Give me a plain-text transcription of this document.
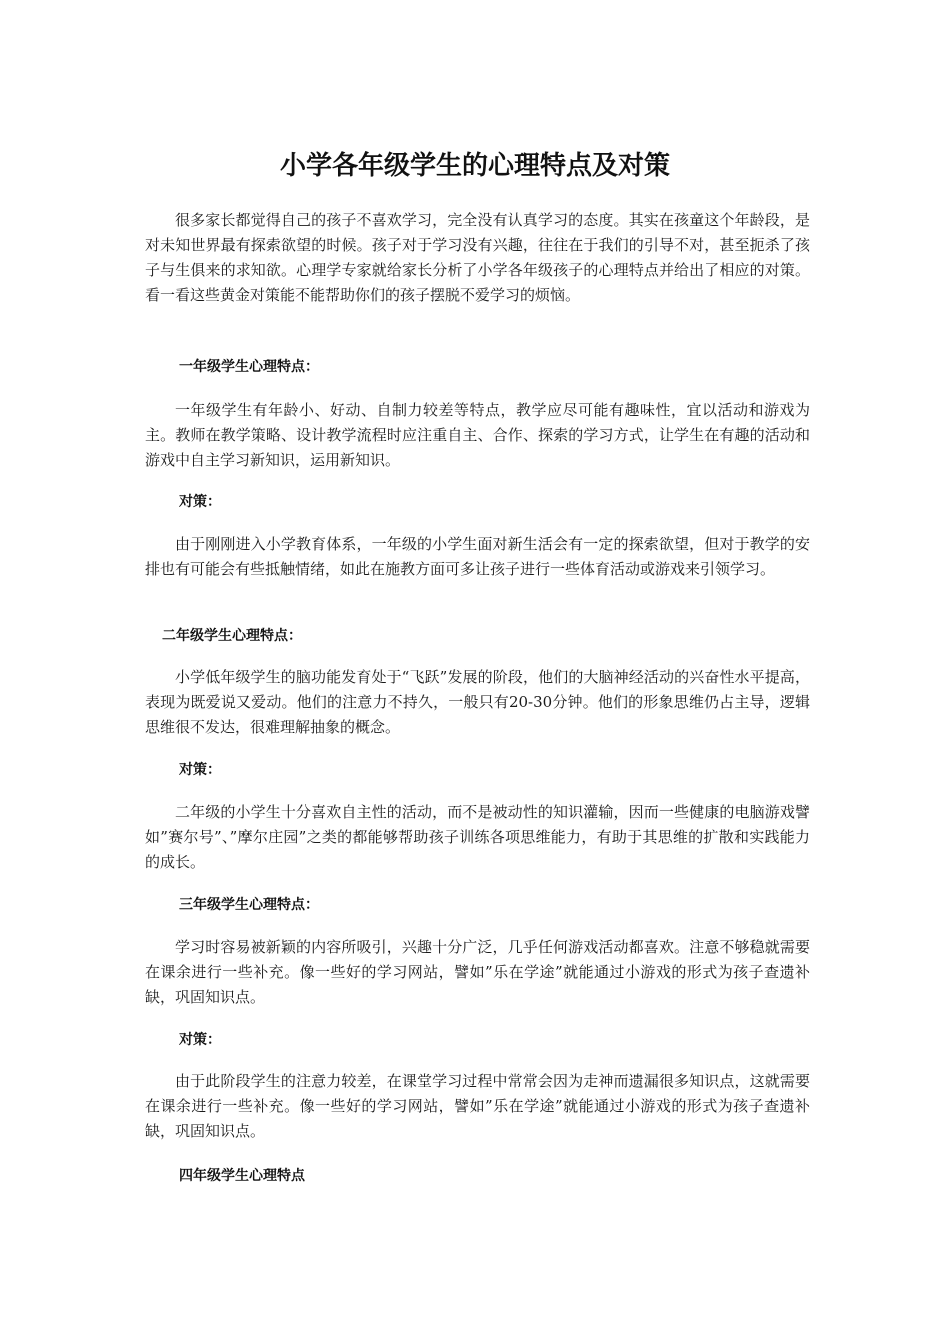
小学各年级学生的心理特点及对策

很多家长都觉得自己的孩子不喜欢学习，完全没有认真学习的态度。其实在孩童这个年龄段，是对未知世界最有探索欲望的时候。孩子对于学习没有兴趣，往往在于我们的引导不对，甚至扼杀了孩子与生俱来的求知欲。心理学专家就给家长分析了小学各年级孩子的心理特点并给出了相应的对策。看一看这些黄金对策能不能帮助你们的孩子摆脱不爱学习的烦恼。

一年级学生心理特点：

一年级学生有年龄小、好动、自制力较差等特点，教学应尽可能有趣味性，宜以活动和游戏为主。教师在教学策略、设计教学流程时应注重自主、合作、探索的学习方式，让学生在有趣的活动和游戏中自主学习新知识，运用新知识。

对策：

由于刚刚进入小学教育体系，一年级的小学生面对新生活会有一定的探索欲望，但对于教学的安排也有可能会有些抵触情绪，如此在施教方面可多让孩子进行一些体育活动或游戏来引领学习。

二年级学生心理特点：

小学低年级学生的脑功能发育处于“飞跃”发展的阶段，他们的大脑神经活动的兴奋性水平提高，表现为既爱说又爱动。他们的注意力不持久，一般只有20-30分钟。他们的形象思维仍占主导，逻辑思维很不发达，很难理解抽象的概念。

对策：

二年级的小学生十分喜欢自主性的活动，而不是被动性的知识灌输，因而一些健康的电脑游戏譬如”赛尔号”、”摩尔庄园”之类的都能够帮助孩子训练各项思维能力，有助于其思维的扩散和实践能力的成长。

三年级学生心理特点：

学习时容易被新颖的内容所吸引，兴趣十分广泛，几乎任何游戏活动都喜欢。注意不够稳就需要在课余进行一些补充。像一些好的学习网站，譬如”乐在学途”就能通过小游戏的形式为孩子查遗补缺，巩固知识点。

对策：

由于此阶段学生的注意力较差，在课堂学习过程中常常会因为走神而遗漏很多知识点，这就需要在课余进行一些补充。像一些好的学习网站，譬如”乐在学途”就能通过小游戏的形式为孩子查遗补缺，巩固知识点。

四年级学生心理特点
